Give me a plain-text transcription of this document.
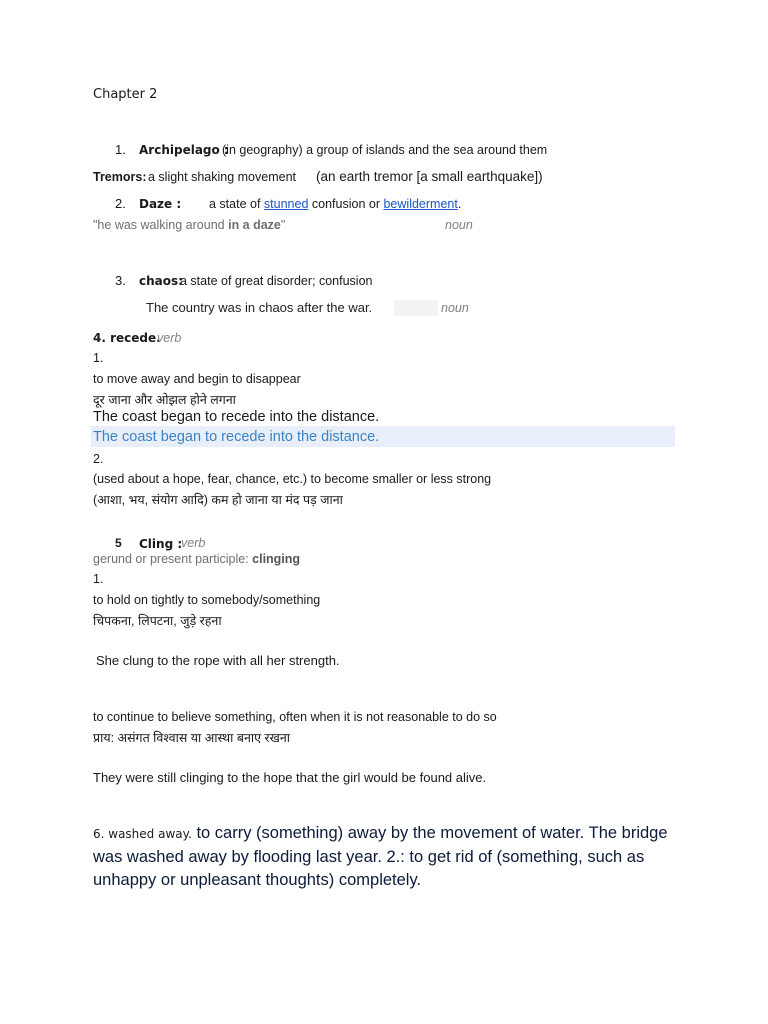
Chapter 2
1. Archipelago :
(in geography) a group of islands and the sea around them
Tremors: a slight shaking movement (an earth tremor [a small earthquake])
2. Daze : a state of stunned confusion or bewilderment.
"he was walking around in a daze"	noun
3. chaos:
a state of great disorder; confusion
The country was in chaos after the war.	noun
4. recede.
verb
1.
to move away and begin to disappear
दूर जाना और ओझल होने लगना
The coast began to recede into the distance.
The coast began to recede into the distance.
2.
(used about a hope, fear, chance, etc.) to become smaller or less strong
(आशा, भय, संयोग आदि) कम हो जाना या मंद पड़ जाना
5 Cling :
verb
gerund or present participle: clinging
1.
to hold on tightly to somebody/something
चिपकना, लिपटना, जुड़े रहना
She clung to the rope with all her strength.
to continue to believe something, often when it is not reasonable to do so
प्राय: असंगत विश्वास या आस्था बनाए रखना
They were still clinging to the hope that the girl would be found alive.
6. washed away. to carry (something) away by the movement of water. The bridge was washed away by flooding last year. 2.: to get rid of (something, such as unhappy or unpleasant thoughts) completely.
